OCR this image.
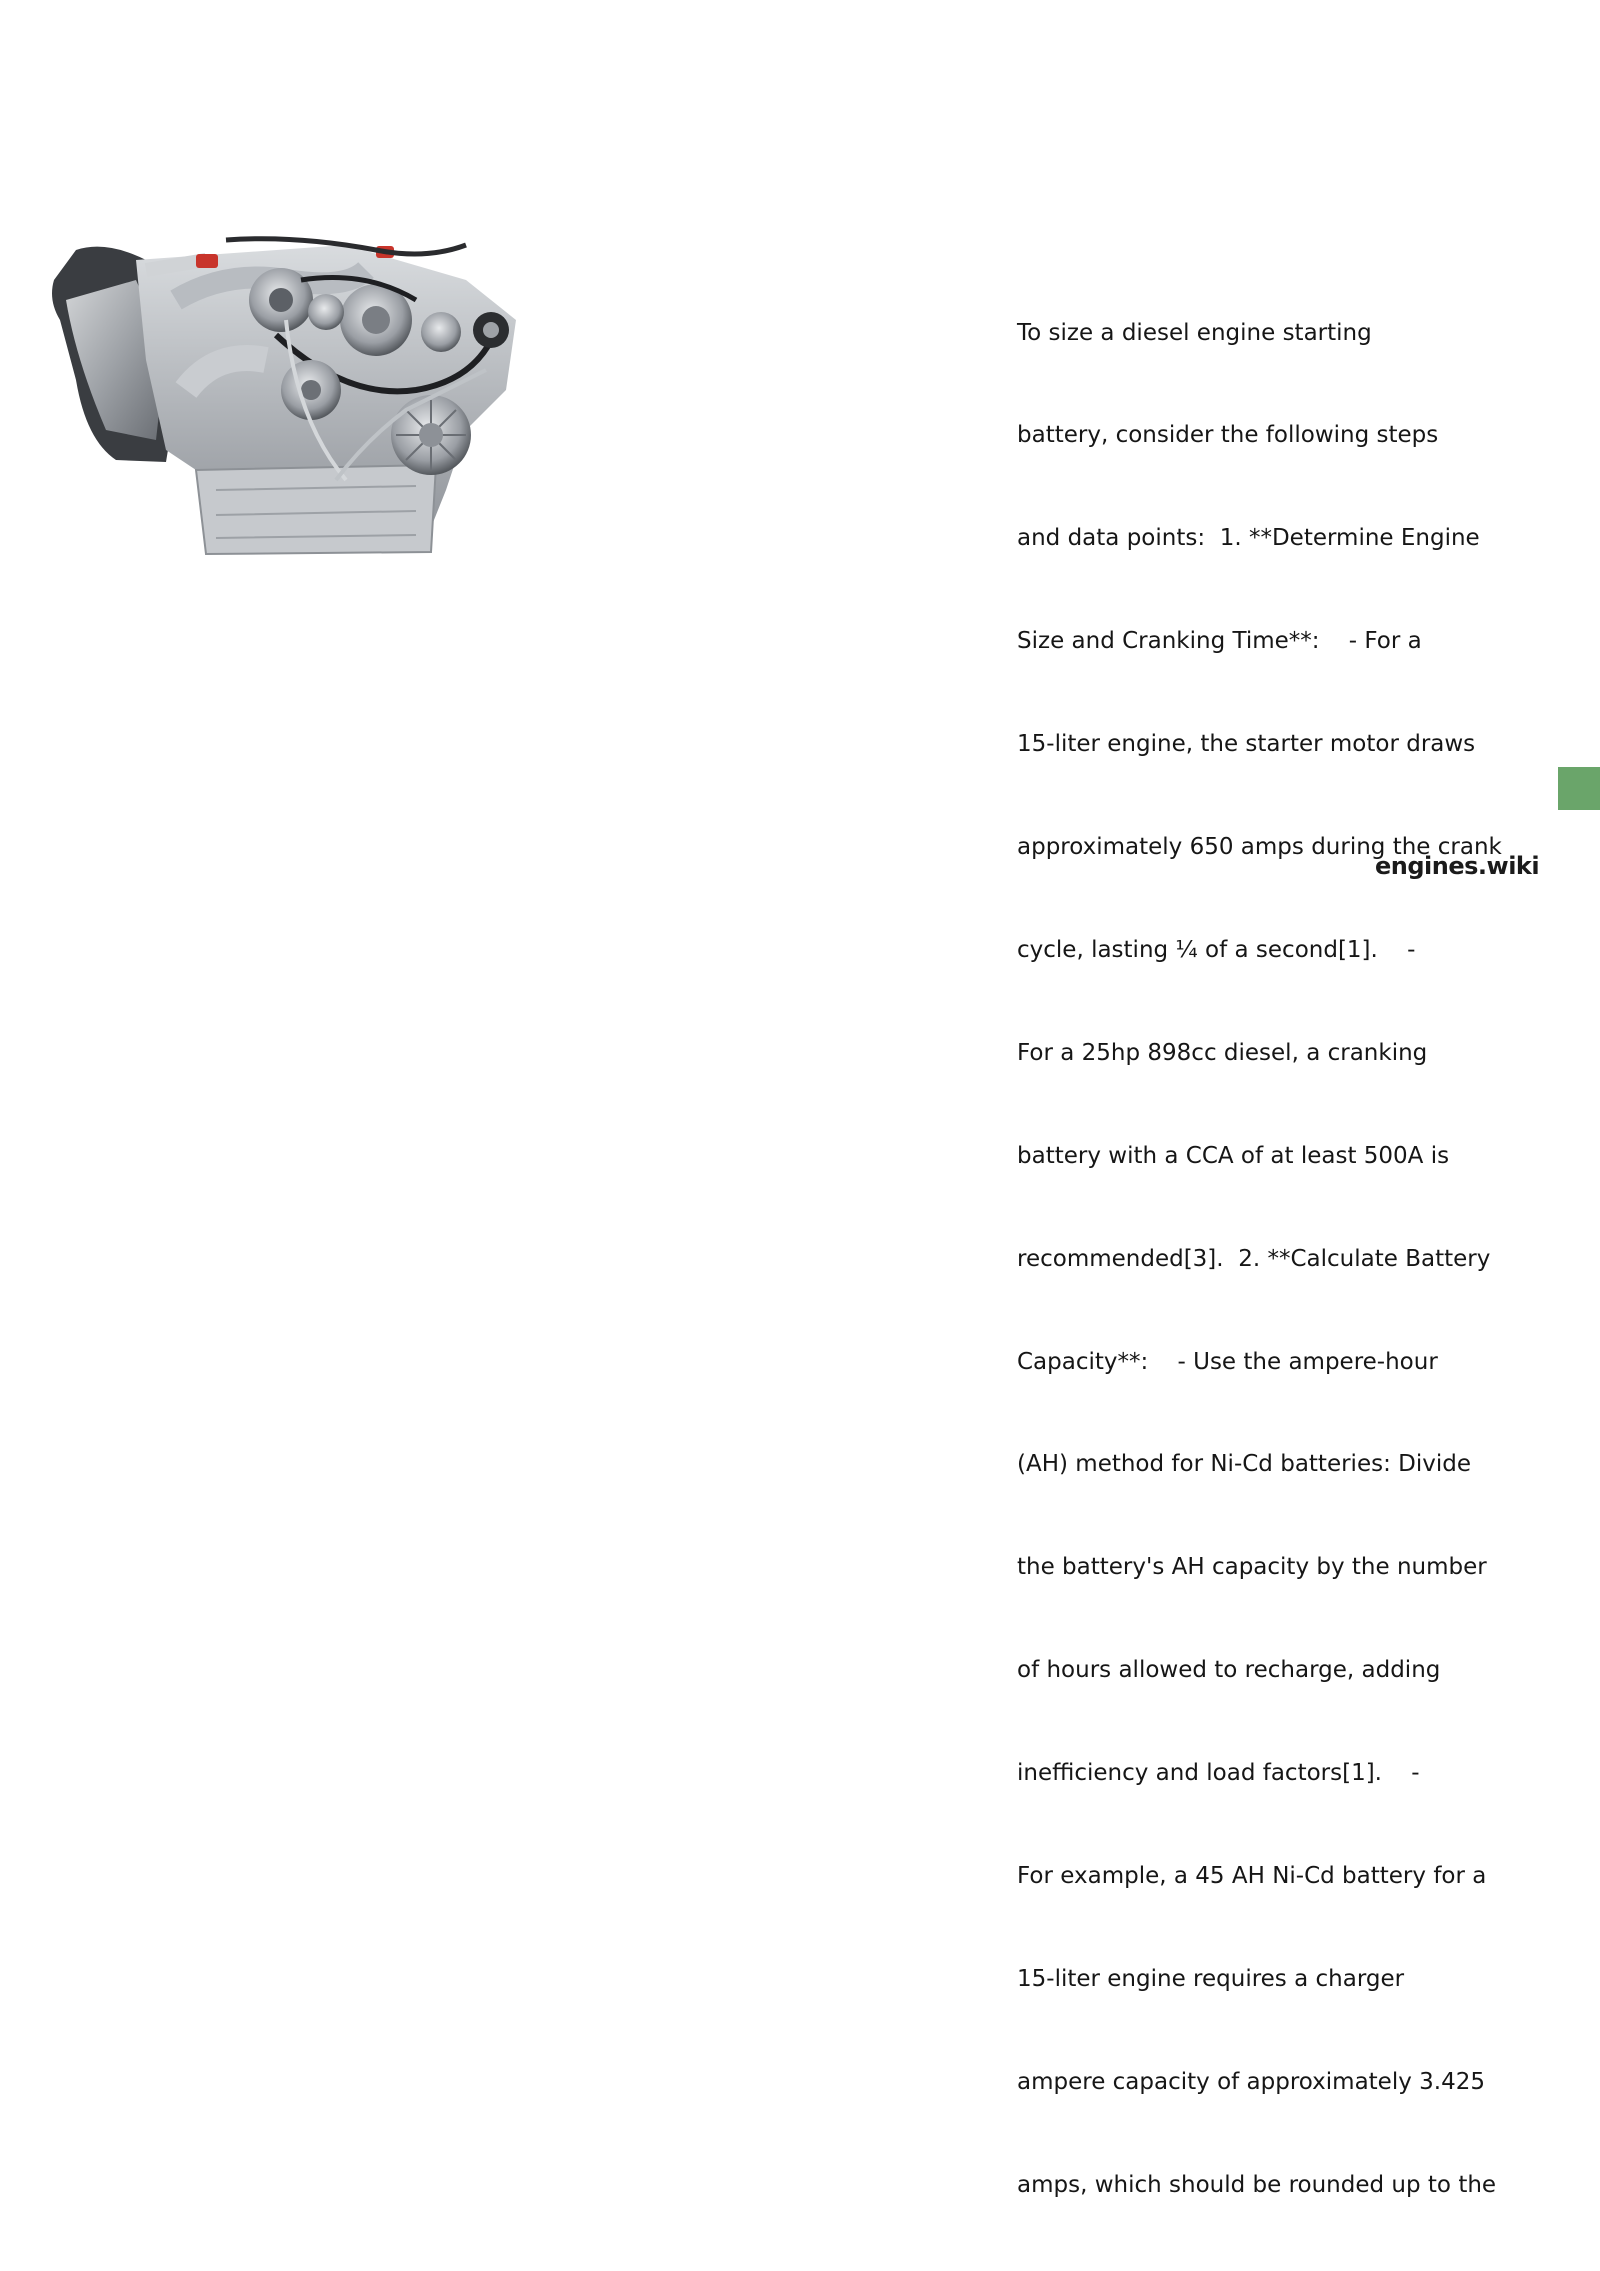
To size a diesel engine starting

battery, consider the following steps

and data points:  1. **Determine Engine

Size and Cranking Time**:    - For a

15-liter engine, the starter motor draws

approximately 650 amps during the crank

cycle, lasting ¼ of a second[1].    -

For a 25hp 898cc diesel, a cranking

battery with a CCA of at least 500A is

recommended[3].  2. **Calculate Battery

Capacity**:    - Use the ampere-hour

(AH) method for Ni-Cd batteries: Divide

the battery's AH capacity by the number

of hours allowed to recharge, adding

inefficiency and load factors[1].    -

For example, a 45 AH Ni-Cd battery for a

15-liter engine requires a charger

ampere capacity of approximately 3.425

amps, which should be rounded up to the

engines.wiki
